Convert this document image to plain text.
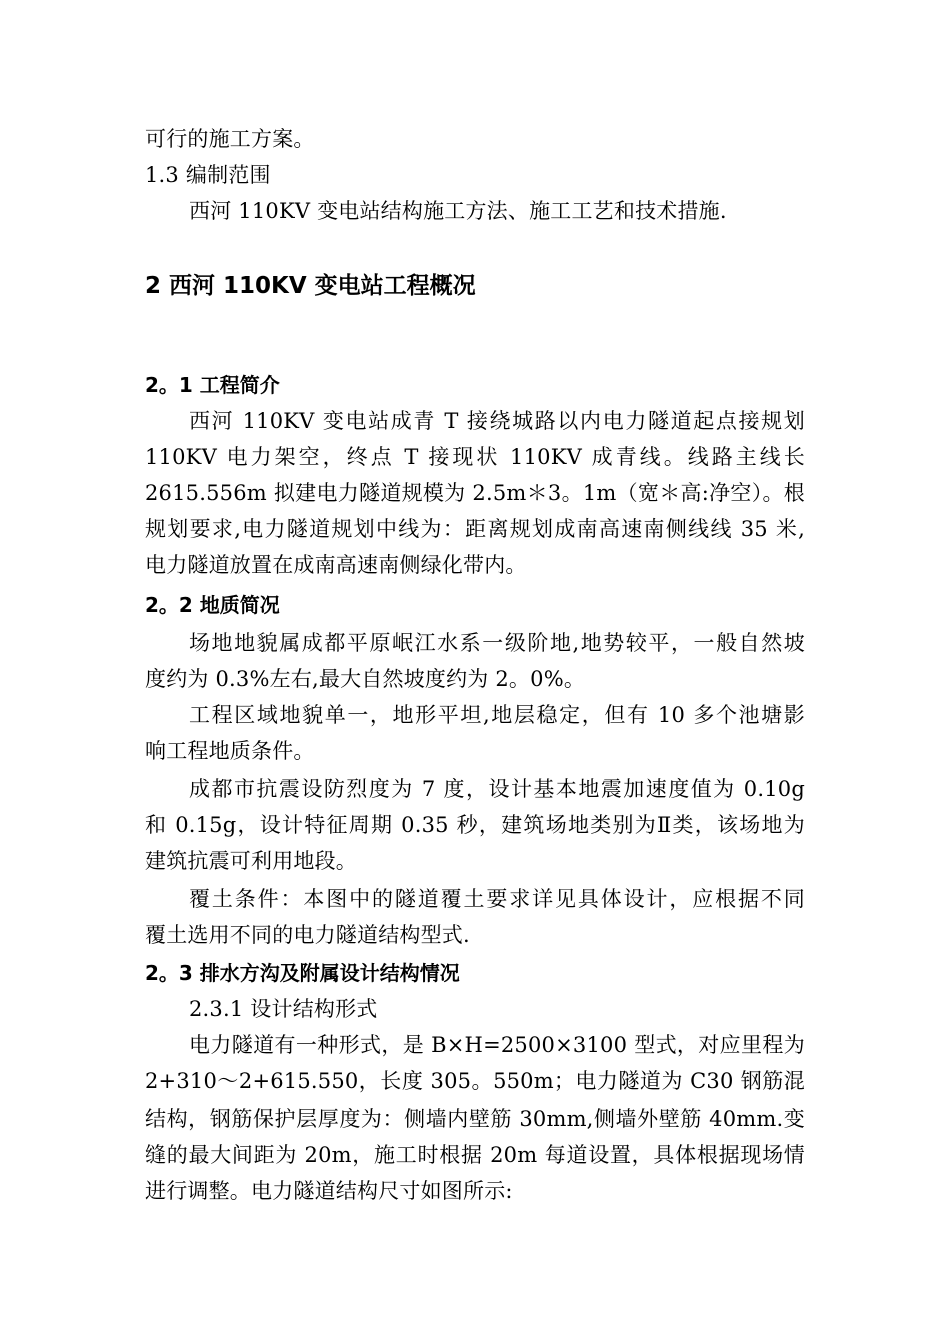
可行的施工方案。
1.3 编制范围
西河 110KV 变电站结构施工方法、施工工艺和技术措施.
2 西河 110KV 变电站工程概况
2。1 工程简介
西河 110KV 变电站成青 T 接绕城路以内电力隧道起点接规划
110KV 电力架空，终点 T 接现状 110KV 成青线。线路主线长
2615.556m 拟建电力隧道规模为 2.5m＊3。1m（宽＊高:净空）。根
规划要求,电力隧道规划中线为：距离规划成南高速南侧线线 35 米,
电力隧道放置在成南高速南侧绿化带内。
2。2 地质简况
场地地貌属成都平原岷江水系一级阶地,地势较平，一般自然坡
度约为 0.3%左右,最大自然坡度约为 2。0%。
工程区域地貌单一，地形平坦,地层稳定，但有 10 多个池塘影
响工程地质条件。
成都市抗震设防烈度为 7 度，设计基本地震加速度值为 0.10g
和 0.15g，设计特征周期 0.35 秒，建筑场地类别为Ⅱ类，该场地为
建筑抗震可利用地段。
覆土条件：本图中的隧道覆土要求详见具体设计，应根据不同
覆土选用不同的电力隧道结构型式.
2。3 排水方沟及附属设计结构情况
2.3.1 设计结构形式
电力隧道有一种形式，是 B×H=2500×3100 型式，对应里程为
2+310～2+615.550，长度 305。550m；电力隧道为 C30 钢筋混
结构，钢筋保护层厚度为：侧墙内壁筋 30mm,侧墙外壁筋 40mm.变
缝的最大间距为 20m，施工时根据 20m 每道设置，具体根据现场情
进行调整。电力隧道结构尺寸如图所示:
